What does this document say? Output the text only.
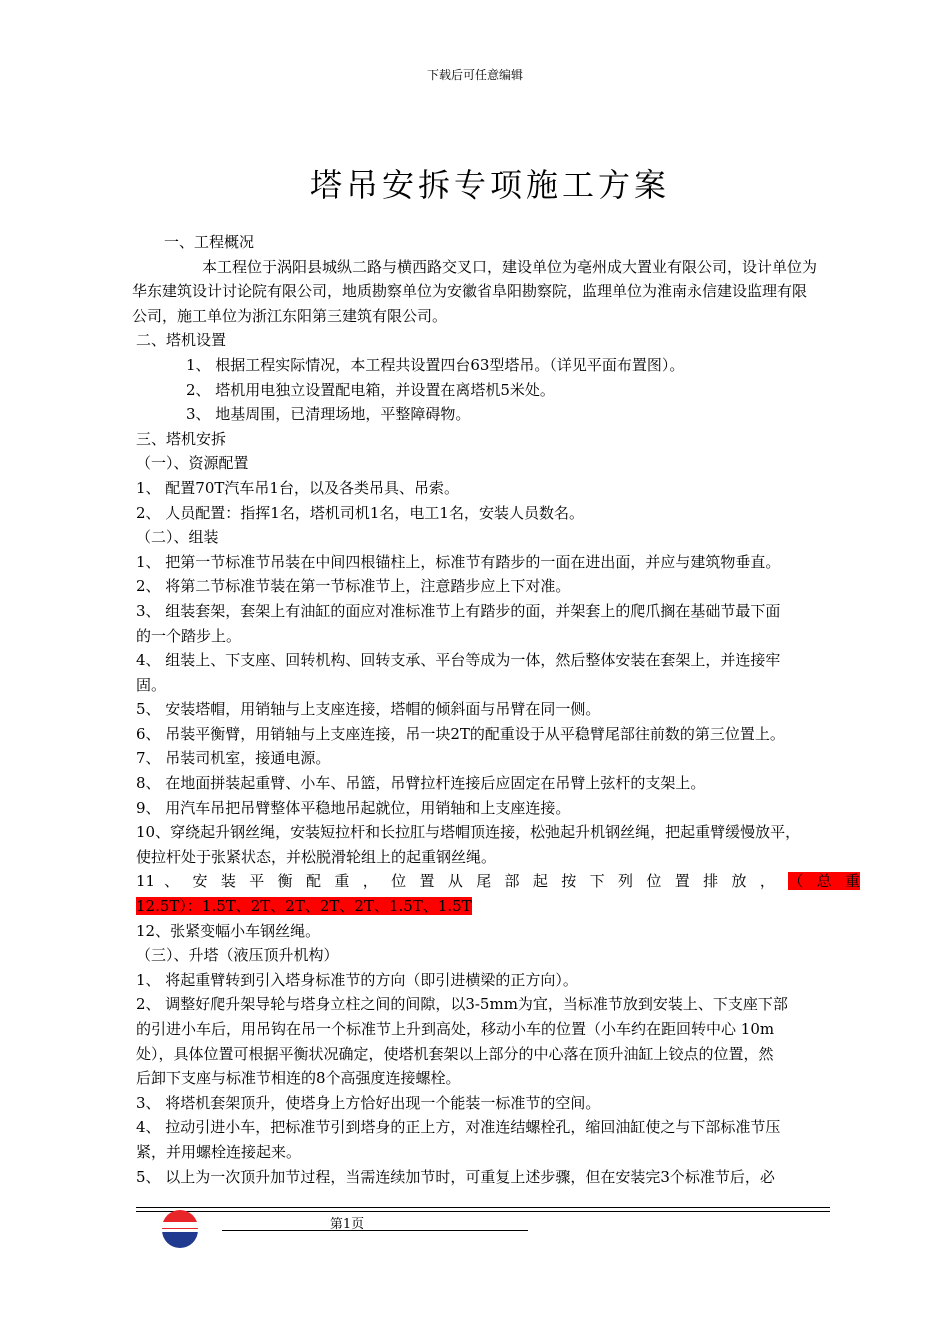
下载后可任意编辑
塔吊安拆专项施工方案
一、工程概况
本工程位于涡阳县城纵二路与横西路交叉口，建设单位为亳州成大置业有限公司，设计单位为
华东建筑设计讨论院有限公司，地质勘察单位为安徽省阜阳勘察院，监理单位为淮南永信建设监理有限
公司，施工单位为浙江东阳第三建筑有限公司。
二、塔机设置
1、 根据工程实际情况，本工程共设置四台63型塔吊。（详见平面布置图）。
2、 塔机用电独立设置配电箱，并设置在离塔机5米处。
3、 地基周围，已清理场地，平整障碍物。
三、塔机安拆
（一）、资源配置
1、 配置70T汽车吊1台，以及各类吊具、吊索。
2、 人员配置：指挥1名，塔机司机1名，电工1名，安装人员数名。
（二）、组装
1、 把第一节标准节吊装在中间四根锚柱上，标准节有踏步的一面在进出面，并应与建筑物垂直。
2、 将第二节标准节装在第一节标准节上，注意踏步应上下对准。
3、 组装套架，套架上有油缸的面应对准标准节上有踏步的面，并架套上的爬爪搁在基础节最下面
的一个踏步上。
4、 组装上、下支座、回转机构、回转支承、平台等成为一体，然后整体安装在套架上，并连接牢
固。
5、 安装塔帽，用销轴与上支座连接，塔帽的倾斜面与吊臂在同一侧。
6、 吊装平衡臂，用销轴与上支座连接，吊一块2T的配重设于从平稳臂尾部往前数的第三位置上。
7、 吊装司机室，接通电源。
8、 在地面拼装起重臂、小车、吊篮，吊臂拉杆连接后应固定在吊臂上弦杆的支架上。
9、 用汽车吊把吊臂整体平稳地吊起就位，用销轴和上支座连接。
10、穿绕起升钢丝绳，安装短拉杆和长拉肛与塔帽顶连接，松弛起升机钢丝绳，把起重臂缓慢放平，
使拉杆处于张紧状态，并松脱滑轮组上的起重钢丝绳。
11 、 安 装 平 衡 配 重 ， 位 置 从 尾 部 起 按 下 列 位 置 排 放 ， （ 总 重
12.5T）：1.5T、2T、2T、2T、2T、1.5T、1.5T
12、张紧变幅小车钢丝绳。
（三）、升塔（液压顶升机构）
1、 将起重臂转到引入塔身标准节的方向（即引进横梁的正方向）。
2、 调整好爬升架导轮与塔身立柱之间的间隙，以3-5mm为宜，当标准节放到安装上、下支座下部
的引进小车后，用吊钩在吊一个标准节上升到高处，移动小车的位置（小车约在距回转中心 10m
处），具体位置可根据平衡状况确定，使塔机套架以上部分的中心落在顶升油缸上铰点的位置，然
后卸下支座与标准节相连的8个高强度连接螺栓。
3、 将塔机套架顶升，使塔身上方恰好出现一个能装一标准节的空间。
4、 拉动引进小车，把标准节引到塔身的正上方，对准连结螺栓孔，缩回油缸使之与下部标准节压
紧，并用螺栓连接起来。
5、 以上为一次顶升加节过程，当需连续加节时，可重复上述步骤，但在安装完3个标准节后，必
第1页
